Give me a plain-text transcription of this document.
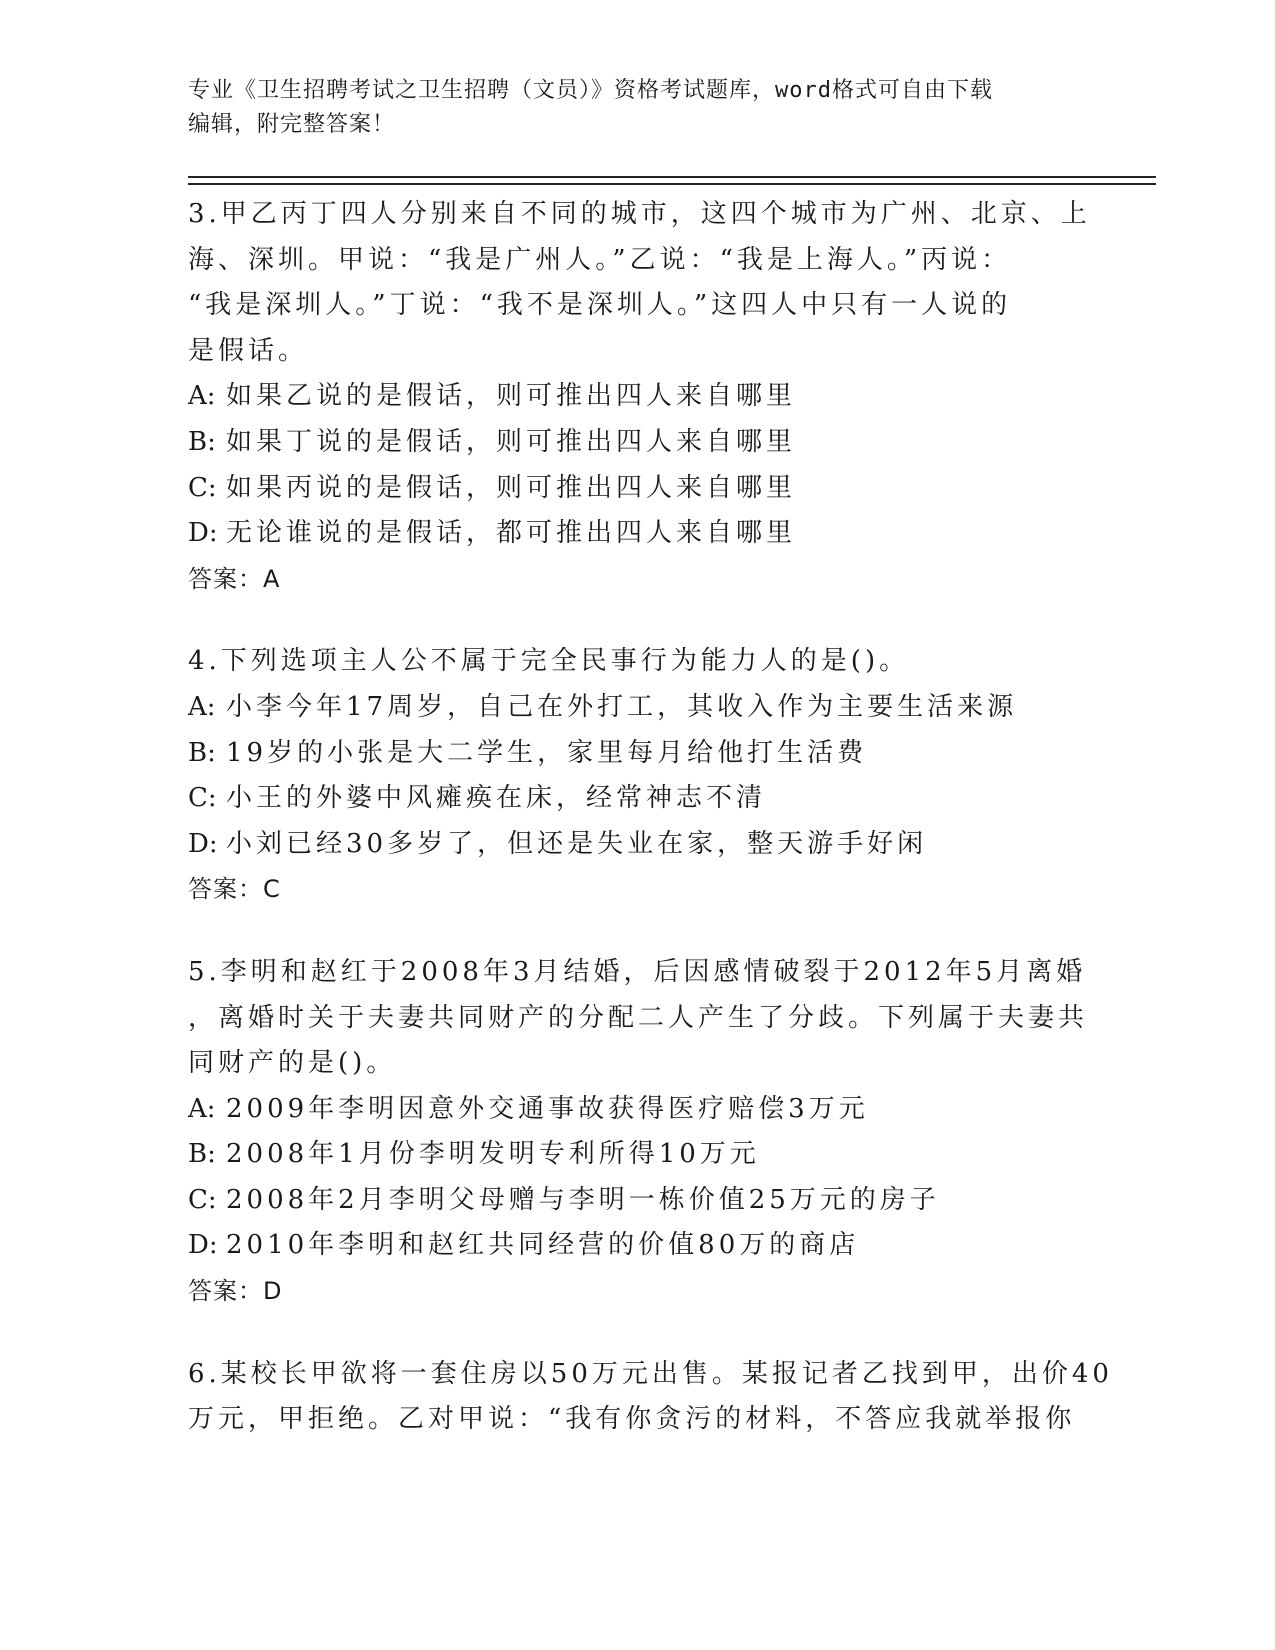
专业《卫生招聘考试之卫生招聘（文员）》资格考试题库，word格式可自由下载
编辑，附完整答案！
3.甲乙丙丁四人分别来自不同的城市，这四个城市为广州、北京、上
海、深圳。甲说：“我是广州人。”乙说：“我是上海人。”丙说：
“我是深圳人。”丁说：“我不是深圳人。”这四人中只有一人说的
是假话。
A: 如果乙说的是假话，则可推出四人来自哪里
B: 如果丁说的是假话，则可推出四人来自哪里
C: 如果丙说的是假话，则可推出四人来自哪里
D: 无论谁说的是假话，都可推出四人来自哪里
答案：A
4.下列选项主人公不属于完全民事行为能力人的是()。
A: 小李今年17周岁，自己在外打工，其收入作为主要生活来源
B: 19岁的小张是大二学生，家里每月给他打生活费
C: 小王的外婆中风瘫痪在床，经常神志不清
D: 小刘已经30多岁了，但还是失业在家，整天游手好闲
答案：C
5.李明和赵红于2008年3月结婚，后因感情破裂于2012年5月离婚
，离婚时关于夫妻共同财产的分配二人产生了分歧。下列属于夫妻共
同财产的是()。
A: 2009年李明因意外交通事故获得医疗赔偿3万元
B: 2008年1月份李明发明专利所得10万元
C: 2008年2月李明父母赠与李明一栋价值25万元的房子
D: 2010年李明和赵红共同经营的价值80万的商店
答案：D
6.某校长甲欲将一套住房以50万元出售。某报记者乙找到甲，出价40
万元，甲拒绝。乙对甲说：“我有你贪污的材料，不答应我就举报你
